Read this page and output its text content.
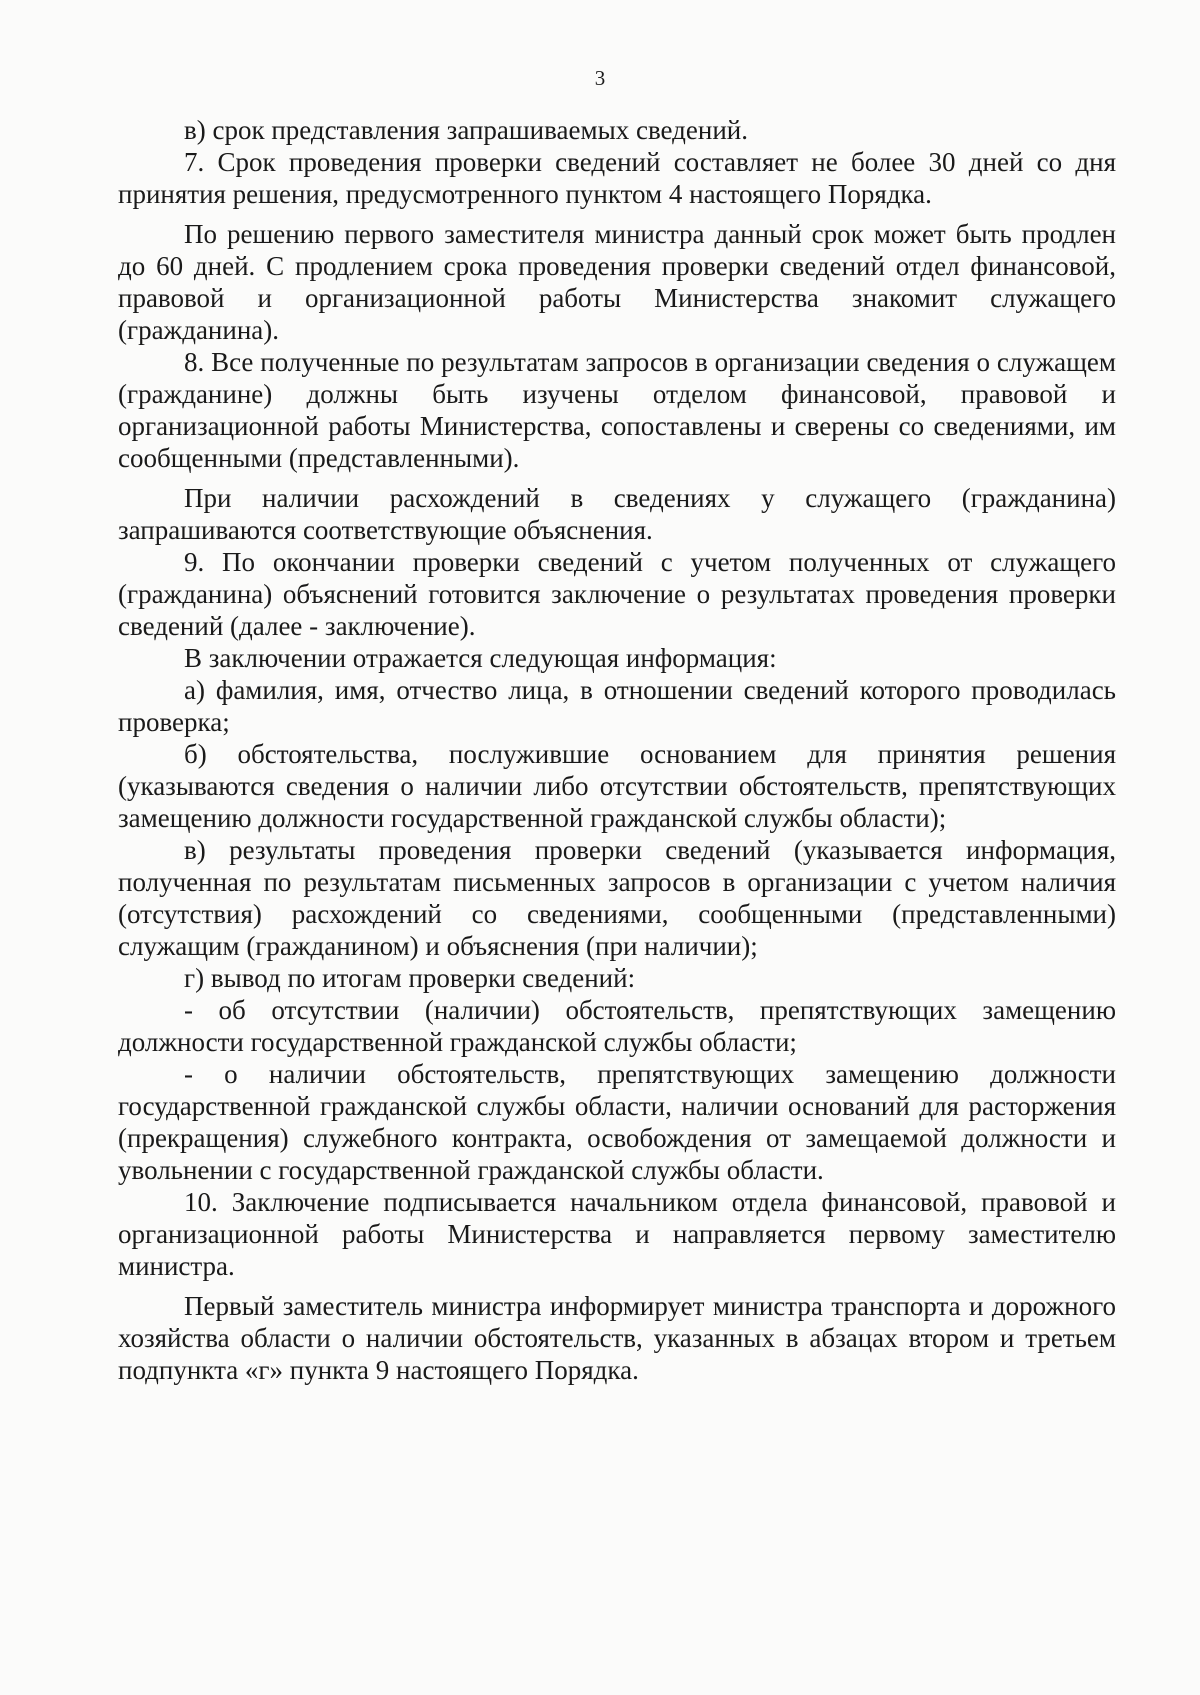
3

в) срок представления запрашиваемых сведений.

7. Срок проведения проверки сведений составляет не более 30 дней со дня принятия решения, предусмотренного пунктом 4 настоящего Порядка.

По решению первого заместителя министра данный срок может быть продлен до 60 дней. С продлением срока проведения проверки сведений отдел финансовой, правовой и организационной работы Министерства знакомит служащего (гражданина).

8. Все полученные по результатам запросов в организации сведения о служащем (гражданине) должны быть изучены отделом финансовой, правовой и организационной работы Министерства, сопоставлены и сверены со сведениями, им сообщенными (представленными).

При наличии расхождений в сведениях у служащего (гражданина) запрашиваются соответствующие объяснения.

9. По окончании проверки сведений с учетом полученных от служащего (гражданина) объяснений готовится заключение о результатах проведения проверки сведений (далее - заключение).

В заключении отражается следующая информация:

а) фамилия, имя, отчество лица, в отношении сведений которого проводилась проверка;

б) обстоятельства, послужившие основанием для принятия решения (указываются сведения о наличии либо отсутствии обстоятельств, препятствующих замещению должности государственной гражданской службы области);

в) результаты проведения проверки сведений (указывается информация, полученная по результатам письменных запросов в организации с учетом наличия (отсутствия) расхождений со сведениями, сообщенными (представленными) служащим (гражданином) и объяснения (при наличии);

г) вывод по итогам проверки сведений:

- об отсутствии (наличии) обстоятельств, препятствующих замещению должности государственной гражданской службы области;

- о наличии обстоятельств, препятствующих замещению должности государственной гражданской службы области, наличии оснований для расторжения (прекращения) служебного контракта, освобождения от замещаемой должности и увольнении с государственной гражданской службы области.

10. Заключение подписывается начальником отдела финансовой, правовой и организационной работы Министерства и направляется первому заместителю министра.

Первый заместитель министра информирует министра транспорта и дорожного хозяйства области о наличии обстоятельств, указанных в абзацах втором и третьем подпункта «г» пункта 9 настоящего Порядка.
